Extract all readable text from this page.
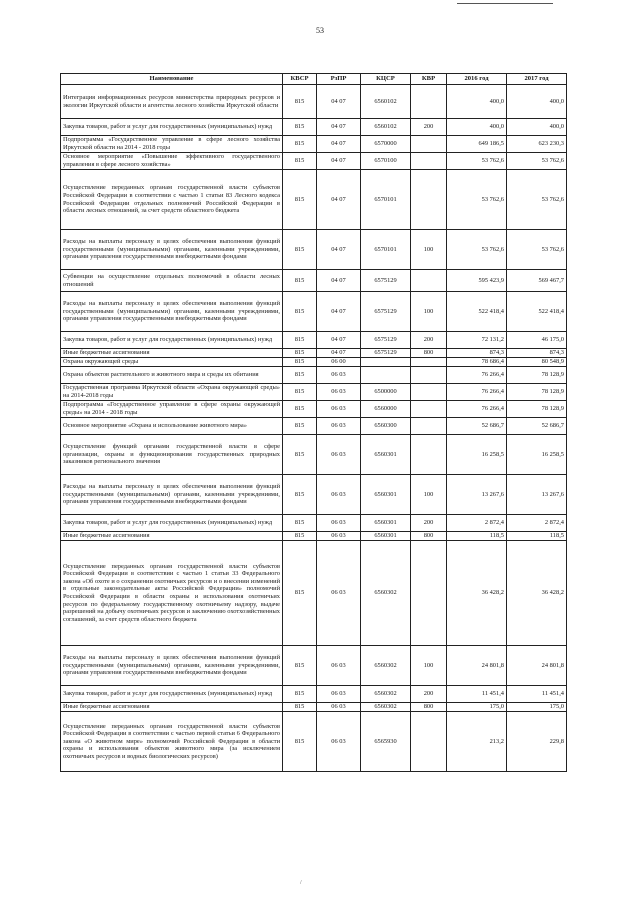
53
Наименование	КВСР	РзПР	КЦСР	КВР	2016 год	2017 год
Интеграция информационных ресурсов министерства природных ресурсов и экологии Иркутской области и агентства лесного хозяйства Иркутской области	815	04 07	6560102		400,0	400,0
Закупка товаров, работ и услуг для государственных (муниципальных) нужд	815	04 07	6560102	200	400,0	400,0
Подпрограмма «Государственное управление в сфере лесного хозяйства Иркутской области на 2014 - 2018 годы	815	04 07	6570000		649 186,5	623 230,3
Основное мероприятие «Повышение эффективного государственного управления в сфере лесного хозяйства»	815	04 07	6570100		53 762,6	53 762,6
Осуществление переданных органам государственной власти субъектов Российской Федерации в соответствии с частью 1 статьи 83 Лесного кодекса Российской Федерации отдельных полномочий Российской Федерации в области лесных отношений, за счет средств областного бюджета	815	04 07	6570101		53 762,6	53 762,6
Расходы на выплаты персоналу в целях обеспечения выполнения функций государственными (муниципальными) органами, казенными учреждениями, органами управления государственными внебюджетными фондами	815	04 07	6570101	100	53 762,6	53 762,6
Субвенции на осуществление отдельных полномочий в области лесных отношений	815	04 07	6575129		595 423,9	569 467,7
Расходы на выплаты персоналу в целях обеспечения выполнения функций государственными (муниципальными) органами, казенными учреждениями, органами управления государственными внебюджетными фондами	815	04 07	6575129	100	522 418,4	522 418,4
Закупка товаров, работ и услуг для государственных (муниципальных) нужд	815	04 07	6575129	200	72 131,2	46 175,0
Иные бюджетные ассигнования	815	04 07	6575129	800	874,3	874,3
Охрана окружающей среды	815	06 00			78 686,4	80 548,9
Охрана объектов растительного и животного мира и среды их обитания	815	06 03			76 266,4	78 128,9
Государственная программа Иркутской области «Охрана окружающей среды» на 2014-2018 годы	815	06 03	6500000		76 266,4	78 128,9
Подпрограмма «Государственное управление в сфере охраны окружающей среды» на 2014 - 2018 годы	815	06 03	6560000		76 266,4	78 128,9
Основное мероприятие «Охрана и использование животного мира»	815	06 03	6560300		52 686,7	52 686,7
Осуществление функций органами государственной власти в сфере организации, охраны и функционирования государственных природных заказников регионального значения	815	06 03	6560301		16 258,5	16 258,5
Расходы на выплаты персоналу в целях обеспечения выполнения функций государственными (муниципальными) органами, казенными учреждениями, органами управления государственными внебюджетными фондами	815	06 03	6560301	100	13 267,6	13 267,6
Закупка товаров, работ и услуг для государственных (муниципальных) нужд	815	06 03	6560301	200	2 872,4	2 872,4
Иные бюджетные ассигнования	815	06 03	6560301	800	118,5	118,5
Осуществление переданных органам государственной власти субъектов Российской Федерации в соответствии с частью 1 статьи 33 Федерального закона «Об охоте и о сохранении охотничьих ресурсов и о внесении изменений в отдельные законодательные акты Российской Федерации» полномочий Российской Федерации в области охраны и использования охотничьих ресурсов по федеральному государственному охотничьему надзору, выдаче разрешений на добычу охотничьих ресурсов и заключению охотхозяйственных соглашений, за счет средств областного бюджета	815	06 03	6560302		36 428,2	36 428,2
Расходы на выплаты персоналу в целях обеспечения выполнения функций государственными (муниципальными) органами, казенными учреждениями, органами управления государственными внебюджетными фондами	815	06 03	6560302	100	24 801,8	24 801,8
Закупка товаров, работ и услуг для государственных (муниципальных) нужд	815	06 03	6560302	200	11 451,4	11 451,4
Иные бюджетные ассигнования	815	06 03	6560302	800	175,0	175,0
Осуществление переданных органам государственной власти субъектов Российской Федерации в соответствии с частью первой статьи 6 Федерального закона «О животном мире» полномочий Российской Федерации в области охраны и использования объектов животного мира (за исключением охотничьих ресурсов и водных биологических ресурсов)	815	06 03	6565930		213,2	229,8
/
